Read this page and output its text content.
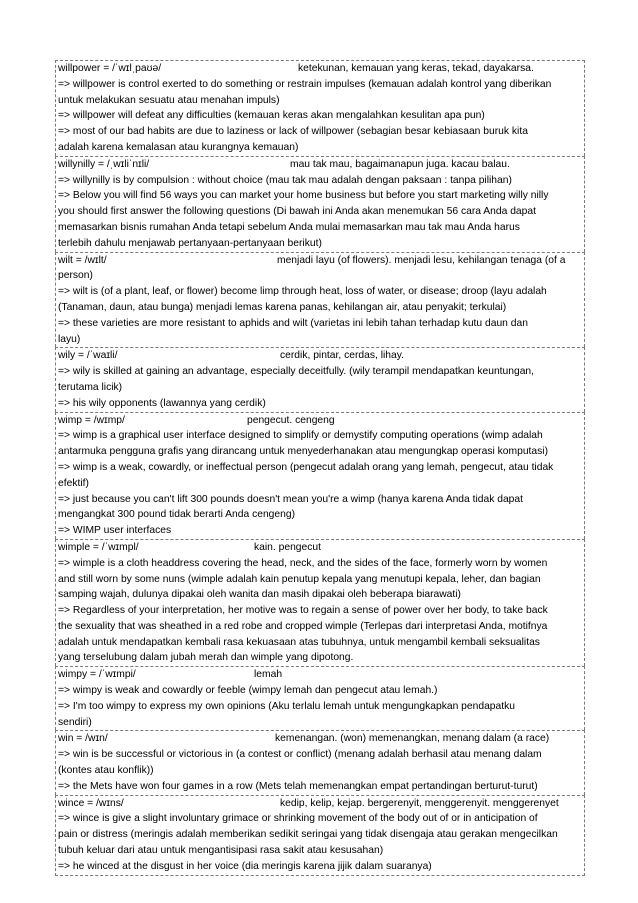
willpower = /ˈwɪlˌpaʊə/	ketekunan, kemauan yang keras, tekad, dayakarsa.
=> willpower is control exerted to do something or restrain impulses (kemauan adalah kontrol yang diberikan
untuk melakukan sesuatu atau menahan impuls)
=> willpower will defeat any difficulties (kemauan keras akan mengalahkan kesulitan apa pun)
=> most of our bad habits are due to laziness or lack of willpower (sebagian besar kebiasaan buruk kita
adalah karena kemalasan atau kurangnya kemauan)
willynilly = /ˌwɪliˈnɪli/	mau tak mau, bagaimanapun juga. kacau balau.
=> willynilly is by compulsion : without choice (mau tak mau adalah dengan paksaan : tanpa pilihan)
=> Below you will find 56 ways you can market your home business but before you start marketing willy nilly
you should first answer the following questions (Di bawah ini Anda akan menemukan 56 cara Anda dapat
memasarkan bisnis rumahan Anda tetapi sebelum Anda mulai memasarkan mau tak mau Anda harus
terlebih dahulu menjawab pertanyaan-pertanyaan berikut)
wilt = /wɪlt/	menjadi layu (of flowers). menjadi lesu, kehilangan tenaga (of a
person)
=> wilt is (of a plant, leaf, or flower) become limp through heat, loss of water, or disease; droop (layu adalah
(Tanaman, daun, atau bunga) menjadi lemas karena panas, kehilangan air, atau penyakit; terkulai)
=> these varieties are more resistant to aphids and wilt (varietas ini lebih tahan terhadap kutu daun dan
layu)
wily = /ˈwaɪli/	cerdik, pintar, cerdas, lihay.
=> wily is skilled at gaining an advantage, especially deceitfully. (wily terampil mendapatkan keuntungan,
terutama licik)
=> his wily opponents (lawannya yang cerdik)
wimp = /wɪmp/	pengecut. cengeng
=> wimp is a graphical user interface designed to simplify or demystify computing operations (wimp adalah
antarmuka pengguna grafis yang dirancang untuk menyederhanakan atau mengungkap operasi komputasi)
=> wimp is a weak, cowardly, or ineffectual person (pengecut adalah orang yang lemah, pengecut, atau tidak
efektif)
=> just because you can't lift 300 pounds doesn't mean you're a wimp (hanya karena Anda tidak dapat
mengangkat 300 pound tidak berarti Anda cengeng)
=> WIMP user interfaces
wimple = /ˈwɪmpl/	kain. pengecut
=> wimple is a cloth headdress covering the head, neck, and the sides of the face, formerly worn by women
and still worn by some nuns (wimple adalah kain penutup kepala yang menutupi kepala, leher, dan bagian
samping wajah, dulunya dipakai oleh wanita dan masih dipakai oleh beberapa biarawati)
=> Regardless of your interpretation, her motive was to regain a sense of power over her body, to take back
the sexuality that was sheathed in a red robe and cropped wimple (Terlepas dari interpretasi Anda, motifnya
adalah untuk mendapatkan kembali rasa kekuasaan atas tubuhnya, untuk mengambil kembali seksualitas
yang terselubung dalam jubah merah dan wimple yang dipotong.
wimpy = /ˈwɪmpi/	lemah
=> wimpy is weak and cowardly or feeble (wimpy lemah dan pengecut atau lemah.)
=> I'm too wimpy to express my own opinions (Aku terlalu lemah untuk mengungkapkan pendapatku
sendiri)
win = /wɪn/	kemenangan. (won) memenangkan, menang dalam (a race)
=> win is be successful or victorious in (a contest or conflict) (menang adalah berhasil atau menang dalam
(kontes atau konflik))
=> the Mets have won four games in a row (Mets telah memenangkan empat pertandingan berturut-turut)
wince = /wɪns/	kedip, kelip, kejap. bergerenyit, menggerenyit. menggerenyet
=> wince is give a slight involuntary grimace or shrinking movement of the body out of or in anticipation of
pain or distress (meringis adalah memberikan sedikit seringai yang tidak disengaja atau gerakan mengecilkan
tubuh keluar dari atau untuk mengantisipasi rasa sakit atau kesusahan)
=> he winced at the disgust in her voice (dia meringis karena jijik dalam suaranya)
